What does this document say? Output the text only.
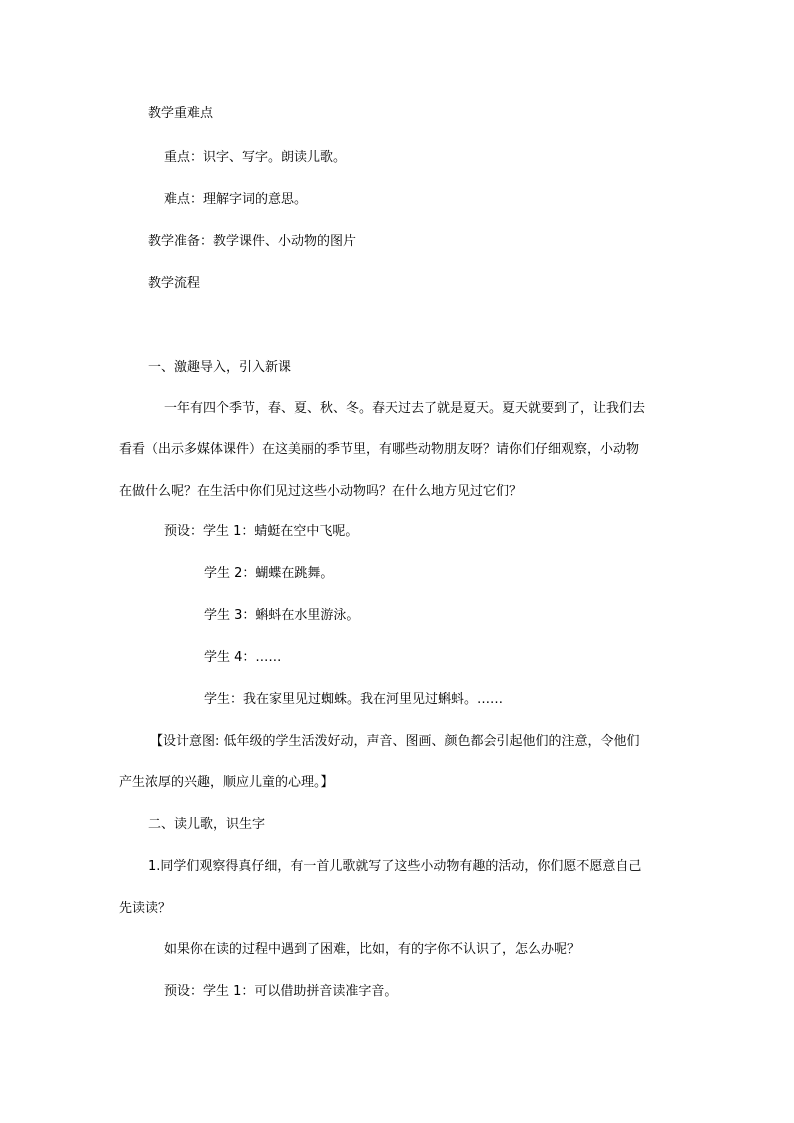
教学重难点

重点：识字、写字。朗读儿歌。

难点：理解字词的意思。

教学准备：教学课件、小动物的图片

教学流程

一、激趣导入，引入新课

一年有四个季节，春、夏、秋、冬。春天过去了就是夏天。夏天就要到了，让我们去

看看（出示多媒体课件）在这美丽的季节里，有哪些动物朋友呀？请你们仔细观察，小动物

在做什么呢？在生活中你们见过这些小动物吗？在什么地方见过它们？

预设：学生 1：蜻蜓在空中飞呢。

学生 2：蝴蝶在跳舞。

学生 3：蝌蚪在水里游泳。

学生 4：……

学生：我在家里见过蜘蛛。我在河里见过蝌蚪。……

【设计意图: 低年级的学生活泼好动，声音、图画、颜色都会引起他们的注意，令他们

产生浓厚的兴趣，顺应儿童的心理。】

二、读儿歌，识生字

1.同学们观察得真仔细，有一首儿歌就写了这些小动物有趣的活动，你们愿不愿意自己

先读读？

如果你在读的过程中遇到了困难，比如，有的字你不认识了，怎么办呢？

预设：学生 1：可以借助拼音读准字音。
